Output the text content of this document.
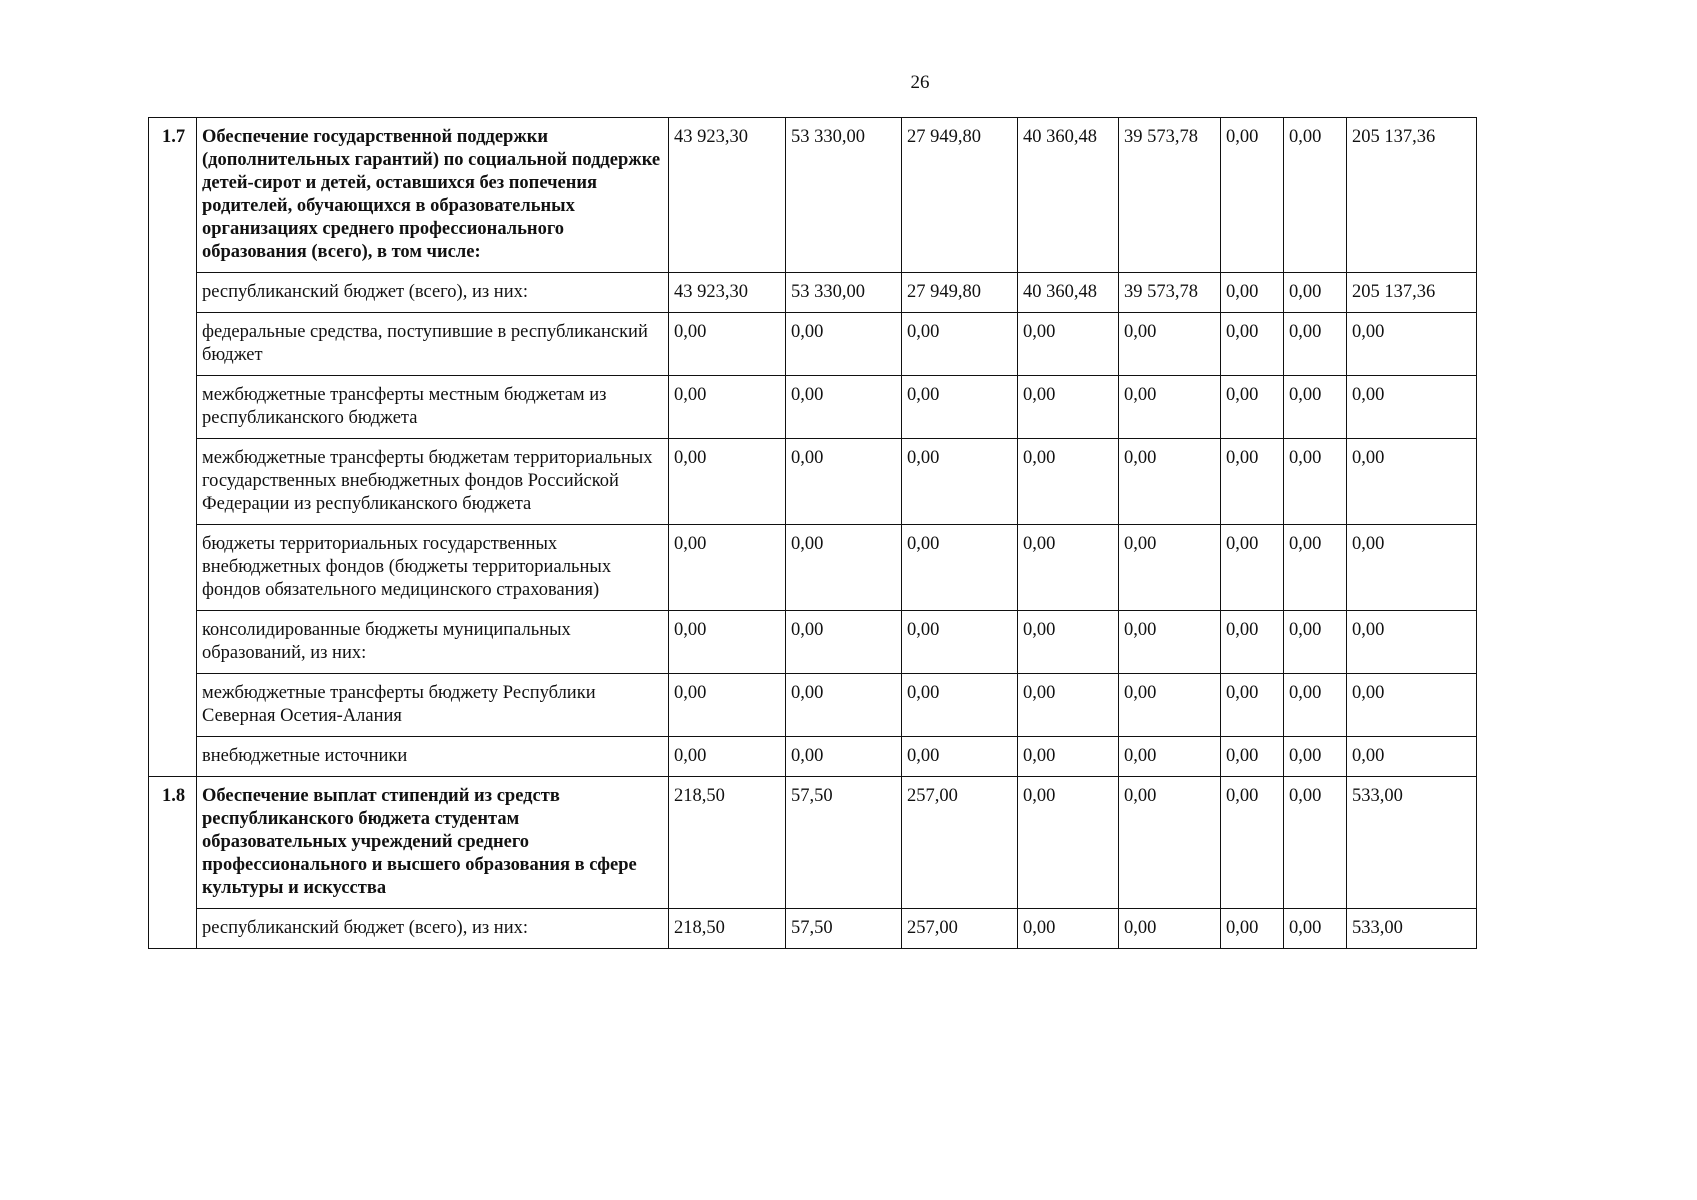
26
1.7	Обеспечение государственной поддержки (дополнительных гарантий) по социальной поддержке детей-сирот и детей, оставшихся без попечения родителей, обучающихся в образовательных организациях среднего профессионального образования (всего), в том числе:	43 923,30	53 330,00	27 949,80	40 360,48	39 573,78	0,00	0,00	205 137,36
	республиканский бюджет (всего), из них:	43 923,30	53 330,00	27 949,80	40 360,48	39 573,78	0,00	0,00	205 137,36
	федеральные средства, поступившие в республиканский бюджет	0,00	0,00	0,00	0,00	0,00	0,00	0,00	0,00
	межбюджетные трансферты местным бюджетам из республиканского бюджета	0,00	0,00	0,00	0,00	0,00	0,00	0,00	0,00
	межбюджетные трансферты бюджетам территориальных государственных внебюджетных фондов Российской Федерации из республиканского бюджета	0,00	0,00	0,00	0,00	0,00	0,00	0,00	0,00
	бюджеты территориальных государственных внебюджетных фондов (бюджеты территориальных фондов обязательного медицинского страхования)	0,00	0,00	0,00	0,00	0,00	0,00	0,00	0,00
	консолидированные бюджеты муниципальных образований, из них:	0,00	0,00	0,00	0,00	0,00	0,00	0,00	0,00
	межбюджетные трансферты бюджету Республики Северная Осетия-Алания	0,00	0,00	0,00	0,00	0,00	0,00	0,00	0,00
	внебюджетные источники	0,00	0,00	0,00	0,00	0,00	0,00	0,00	0,00
1.8	Обеспечение выплат стипендий из средств республиканского бюджета студентам образовательных учреждений среднего профессионального и высшего образования в сфере культуры и искусства	218,50	57,50	257,00	0,00	0,00	0,00	0,00	533,00
	республиканский бюджет (всего), из них:	218,50	57,50	257,00	0,00	0,00	0,00	0,00	533,00
